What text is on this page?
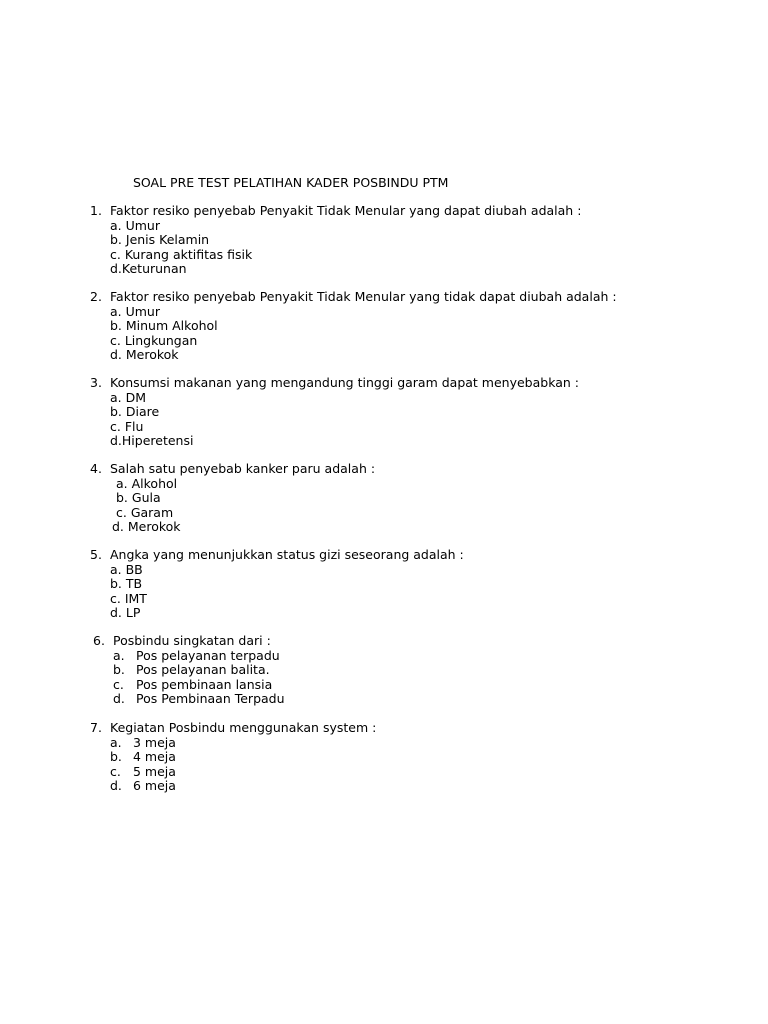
SOAL PRE TEST PELATIHAN KADER POSBINDU PTM
1. Faktor resiko penyebab Penyakit Tidak Menular yang dapat diubah adalah :
a. Umur
b. Jenis Kelamin
c. Kurang aktifitas fisik
d.Keturunan
2. Faktor resiko penyebab Penyakit Tidak Menular yang tidak dapat diubah adalah :
a. Umur
b. Minum Alkohol
c. Lingkungan
d. Merokok
3. Konsumsi makanan yang mengandung tinggi garam dapat menyebabkan :
a. DM
b. Diare
c. Flu
d.Hiperetensi
4. Salah satu penyebab kanker paru adalah :
a. Alkohol
b. Gula
c. Garam
d. Merokok
5. Angka yang menunjukkan status gizi seseorang adalah :
a. BB
b. TB
c. IMT
d. LP
6. Posbindu singkatan dari :
a. Pos pelayanan terpadu
b. Pos pelayanan balita.
c. Pos pembinaan lansia
d. Pos Pembinaan Terpadu
7. Kegiatan Posbindu menggunakan system :
a. 3 meja
b. 4 meja
c. 5 meja
d. 6 meja
